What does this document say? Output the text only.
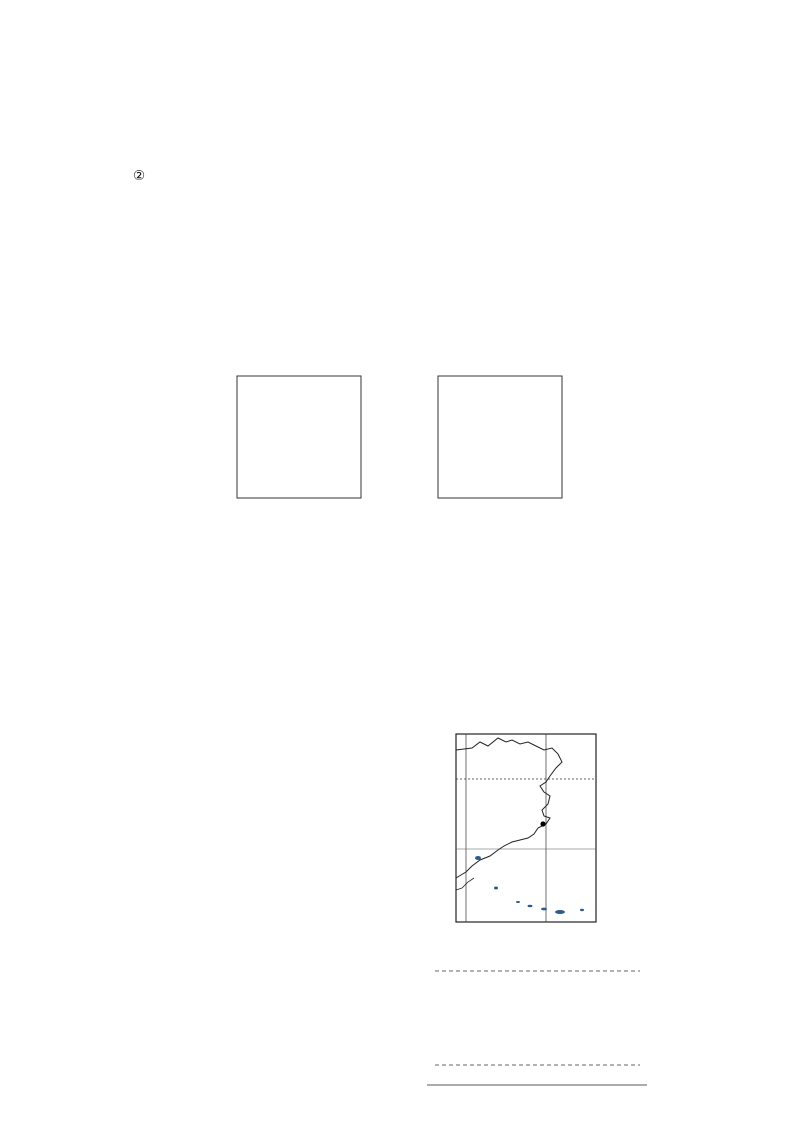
②
